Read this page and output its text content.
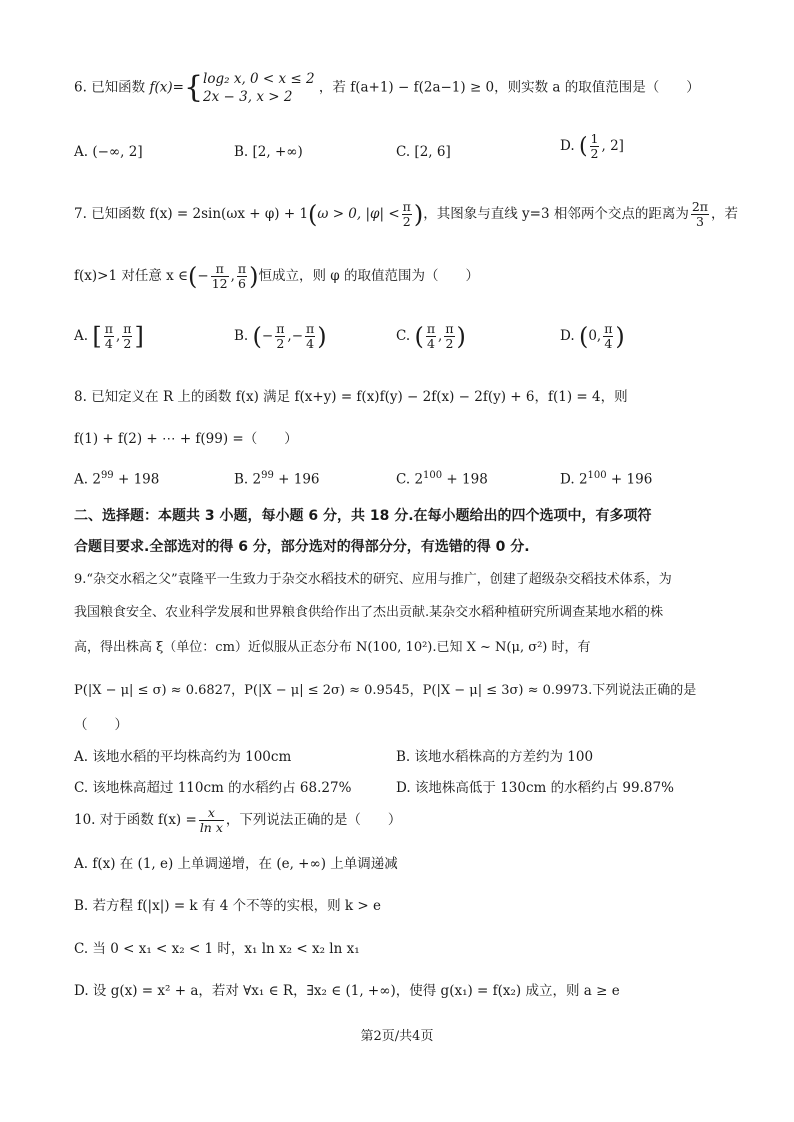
6. 已知函数 f(x)={ log₂ x, 0 < x ≤ 2
2x − 3, x > 2
，若 f(a+1) − f(2a−1) ≥ 0，则实数 a 的取值范围是（　　）
A. (−∞, 2]	B. [2, +∞)	C. [2, 6]	D. ( $\frac{1}{2}$ , 2]
7. 已知函数 f(x) = 2sin(ωx + φ) + 1(ω > 0, $|\varphi| < \frac{\pi}{2}$ )，其图象与直线 y=3 相邻两个交点的距离为 $\frac{2\pi}{3}$ ，若
f(x)>1 对任意 x ∈(− $\frac{\pi}{12}$ , $\frac{\pi}{6}$ )恒成立，则 φ 的取值范围为（　　）
A. [ $\frac{\pi}{4}$ , $\frac{\pi}{2}$ ]	B. (− $\frac{\pi}{2}$ ,− $\frac{\pi}{4}$ )	C. ( $\frac{\pi}{4}$ , $\frac{\pi}{2}$ )	D. (0, $\frac{\pi}{4}$ )
8. 已知定义在 R 上的函数 f(x) 满足 f(x+y) = f(x)f(y) − 2f(x) − 2f(y) + 6，f(1) = 4，则
f(1) + f(2) + ⋯ + f(99) =（　　）
A. $2^{99} + 198$	B. $2^{99} + 196$	C. $2^{100} + 198$	D. $2^{100} + 196$
二、选择题：本题共 3 小题，每小题 6 分，共 18 分.在每小题给出的四个选项中，有多项符
合题目要求.全部选对的得 6 分，部分选对的得部分分，有选错的得 0 分.
9.“杂交水稻之父”袁隆平一生致力于杂交水稻技术的研究、应用与推广，创建了超级杂交稻技术体系，为
我国粮食安全、农业科学发展和世界粮食供给作出了杰出贡献.某杂交水稻种植研究所调查某地水稻的株
高，得出株高 ξ（单位：cm）近似服从正态分布 N(100, 10²).已知 X ~ N(μ, σ²) 时，有
P(|X − μ| ≤ σ) ≈ 0.6827，P(|X − μ| ≤ 2σ) ≈ 0.9545，P(|X − μ| ≤ 3σ) ≈ 0.9973.下列说法正确的是
（　　）
A. 该地水稻的平均株高约为 100cm	B. 该地水稻株高的方差约为 100
C. 该地株高超过 110cm 的水稻约占 68.27%	D. 该地株高低于 130cm 的水稻约占 99.87%
10. 对于函数 $f(x) = \frac{x}{\text{ln x}}$ ，下列说法正确的是（　　）
A. f(x) 在 (1, e) 上单调递增，在 (e, +∞) 上单调递减
B. 若方程 f(|x|) = k 有 4 个不等的实根，则 k > e
C. 当 0 < x₁ < x₂ < 1 时，x₁ ln x₂ < x₂ ln x₁
D. 设 g(x) = x² + a，若对 ∀x₁ ∈ R，∃x₂ ∈ (1, +∞)，使得 g(x₁) = f(x₂) 成立，则 a ≥ e
第2页/共4页
